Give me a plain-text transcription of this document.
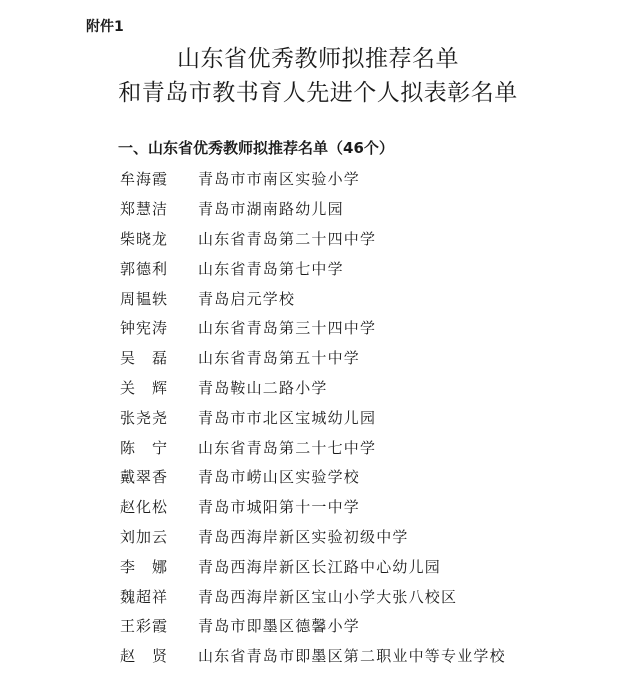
附件1
山东省优秀教师拟推荐名单
和青岛市教书育人先进个人拟表彰名单
一、山东省优秀教师拟推荐名单（46个）
牟海霞	青岛市市南区实验小学
郑慧洁	青岛市湖南路幼儿园
柴晓龙	山东省青岛第二十四中学
郭德利	山东省青岛第七中学
周韫轶	青岛启元学校
钟宪涛	山东省青岛第三十四中学
吴　磊	山东省青岛第五十中学
关　辉	青岛鞍山二路小学
张尧尧	青岛市市北区宝城幼儿园
陈　宁	山东省青岛第二十七中学
戴翠香	青岛市崂山区实验学校
赵化松	青岛市城阳第十一中学
刘加云	青岛西海岸新区实验初级中学
李　娜	青岛西海岸新区长江路中心幼儿园
魏超祥	青岛西海岸新区宝山小学大张八校区
王彩霞	青岛市即墨区德馨小学
赵　贤	山东省青岛市即墨区第二职业中等专业学校
